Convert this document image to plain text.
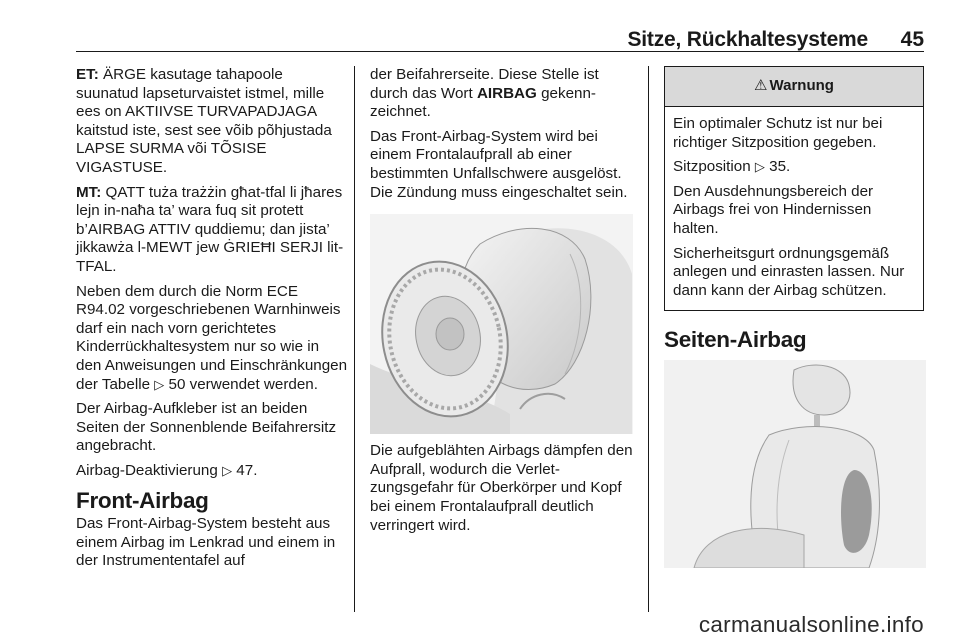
Sitze, Rückhaltesysteme 45

ET: ÄRGE kasutage tahapoole suunatud lapseturvaistet istmel, mille ees on AKTIIVSE TURVAPADJAGA kaitstud iste, sest see võib põhjustada LAPSE SURMA või TÕSISE VIGASTUSE.

MT: QATT tuża trażżin għat-tfal li jħares lejn in-naħa ta’ wara fuq sit protett b’AIRBAG ATTIV quddiemu; dan jista’ jikkawża l-MEWT jew ĠRIEĦI SERJI lit-TFAL.

Neben dem durch die Norm ECE R94.02 vorgeschriebenen Warnhinweis darf ein nach vorn gerichtetes Kinderrückhaltesystem nur so wie in den Anweisungen und Einschränkungen der Tabelle ▷ 50 verwendet werden.

Der Airbag-Aufkleber ist an beiden Seiten der Sonnenblende Beifahrersitz angebracht.

Airbag-Deaktivierung ▷ 47.

Front-Airbag

Das Front-Airbag-System besteht aus einem Airbag im Lenkrad und einem in der Instrumententafel auf

der Beifahrerseite. Diese Stelle ist durch das Wort AIRBAG gekennzeichnet.

Das Front-Airbag-System wird bei einem Frontalaufprall ab einer bestimmten Unfallschwere ausgelöst. Die Zündung muss eingeschaltet sein.

Die aufgeblähten Airbags dämpfen den Aufprall, wodurch die Verletzungsgefahr für Oberkörper und Kopf bei einem Frontalaufprall deutlich verringert wird.

⚠ Warnung

Ein optimaler Schutz ist nur bei richtiger Sitzposition gegeben.

Sitzposition ▷ 35.

Den Ausdehnungsbereich der Airbags frei von Hindernissen halten.

Sicherheitsgurt ordnungsgemäß anlegen und einrasten lassen. Nur dann kann der Airbag schützen.

Seiten-Airbag
carmanualsonline.info
